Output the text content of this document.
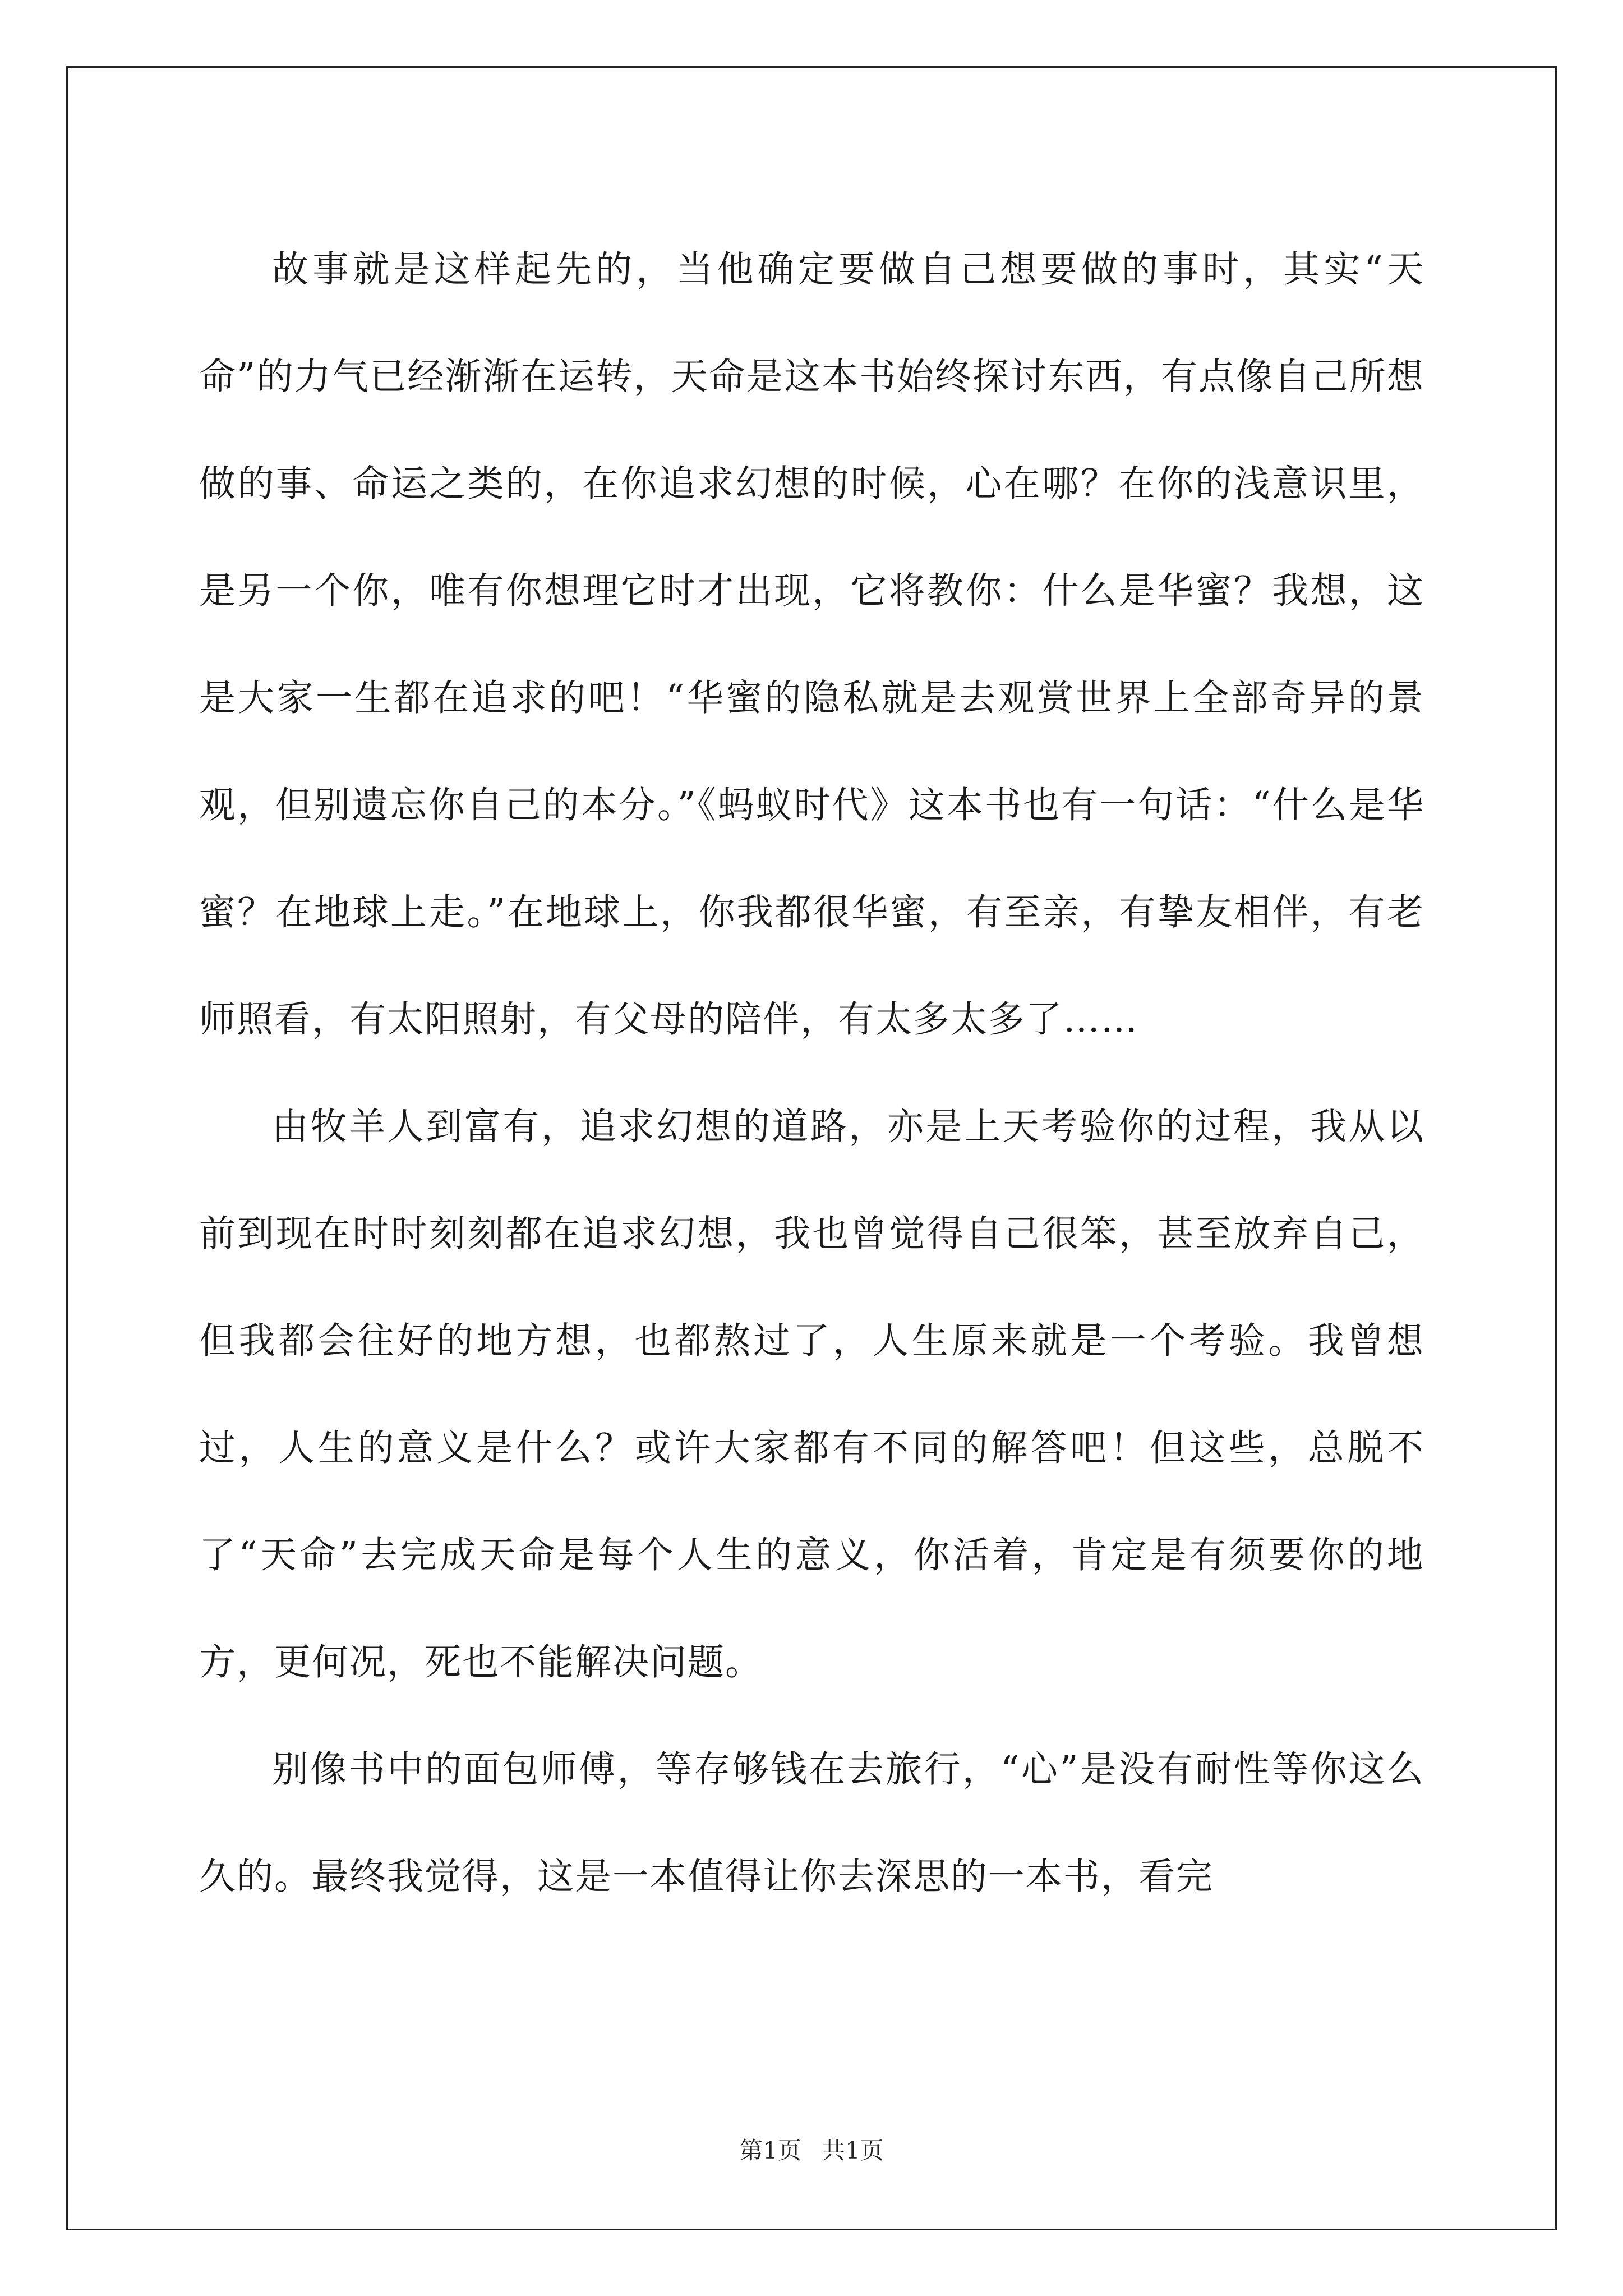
故事就是这样起先的，当他确定要做自己想要做的事时，其实“天命”的力气已经渐渐在运转，天命是这本书始终探讨东西，有点像自己所想做的事、命运之类的，在你追求幻想的时候，心在哪？在你的浅意识里，是另一个你，唯有你想理它时才出现，它将教你：什么是华蜜？我想，这是大家一生都在追求的吧！“华蜜的隐私就是去观赏世界上全部奇异的景观，但别遗忘你自己的本分。”《蚂蚁时代》这本书也有一句话：“什么是华蜜？在地球上走。”在地球上，你我都很华蜜，有至亲，有挚友相伴，有老师照看，有太阳照射，有父母的陪伴，有太多太多了……

由牧羊人到富有，追求幻想的道路，亦是上天考验你的过程，我从以前到现在时时刻刻都在追求幻想，我也曾觉得自己很笨，甚至放弃自己，但我都会往好的地方想，也都熬过了，人生原来就是一个考验。我曾想过，人生的意义是什么？或许大家都有不同的解答吧！但这些，总脱不了“天命”去完成天命是每个人生的意义，你活着，肯定是有须要你的地方，更何况，死也不能解决问题。

别像书中的面包师傅，等存够钱在去旅行，“心”是没有耐性等你这么久的。最终我觉得，这是一本值得让你去深思的一本书，看完

第1页 共1页
